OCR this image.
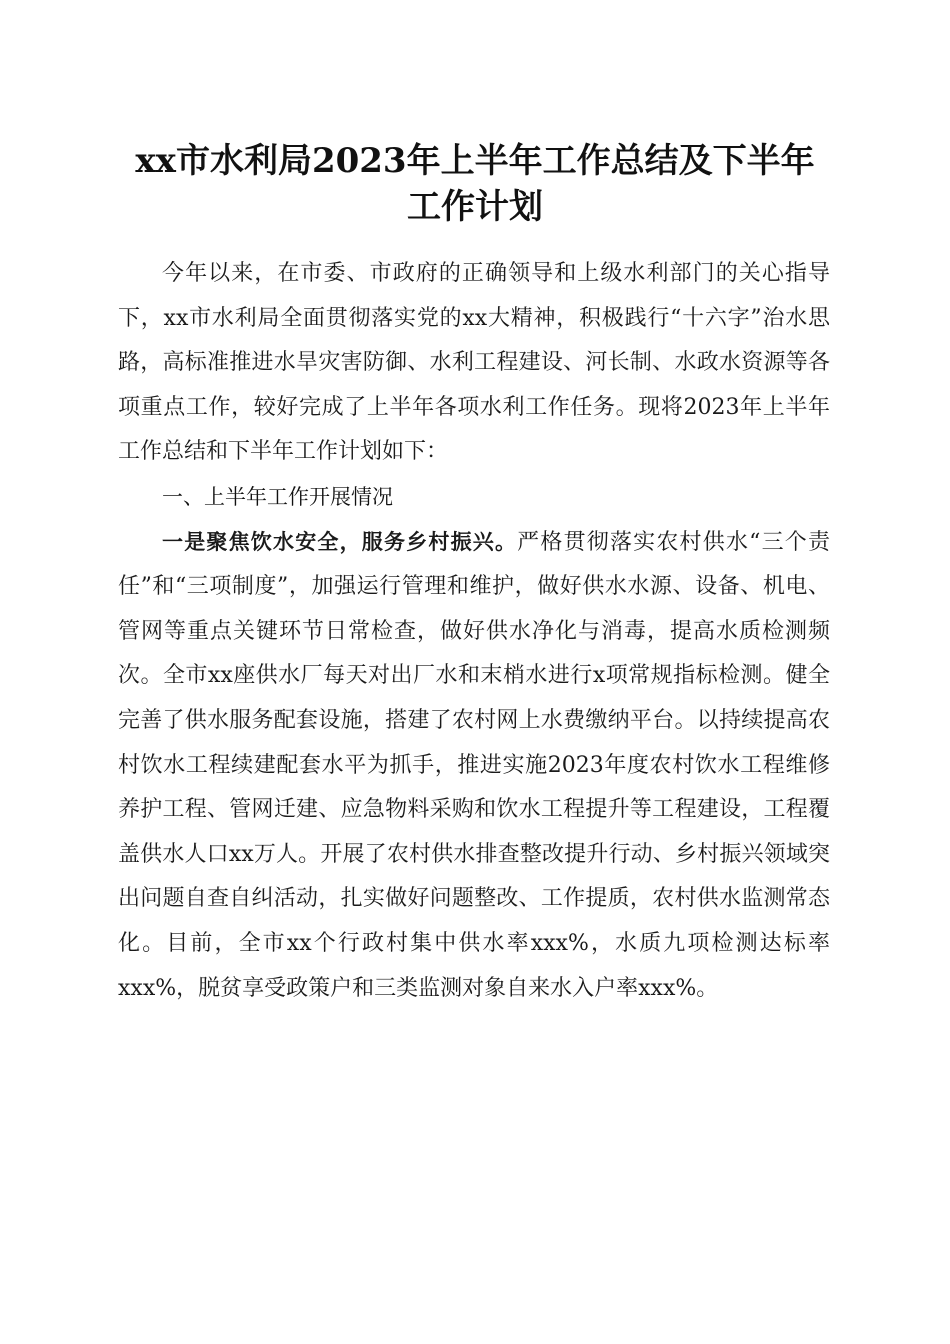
xx市水利局2023年上半年工作总结及下半年
工作计划

今年以来，在市委、市政府的正确领导和上级水利部门的关心指导下，xx市水利局全面贯彻落实党的xx大精神，积极践行“十六字”治水思路，高标准推进水旱灾害防御、水利工程建设、河长制、水政水资源等各项重点工作，较好完成了上半年各项水利工作任务。现将2023年上半年工作总结和下半年工作计划如下：

一、上半年工作开展情况

一是聚焦饮水安全，服务乡村振兴。严格贯彻落实农村供水“三个责任”和“三项制度”，加强运行管理和维护，做好供水水源、设备、机电、管网等重点关键环节日常检查，做好供水净化与消毒，提高水质检测频次。全市xx座供水厂每天对出厂水和末梢水进行x项常规指标检测。健全完善了供水服务配套设施，搭建了农村网上水费缴纳平台。以持续提高农村饮水工程续建配套水平为抓手，推进实施2023年度农村饮水工程维修养护工程、管网迁建、应急物料采购和饮水工程提升等工程建设，工程覆盖供水人口xx万人。开展了农村供水排查整改提升行动、乡村振兴领域突出问题自查自纠活动，扎实做好问题整改、工作提质，农村供水监测常态化。目前，全市xx个行政村集中供水率xxx%，水质九项检测达标率xxx%，脱贫享受政策户和三类监测对象自来水入户率xxx%。
